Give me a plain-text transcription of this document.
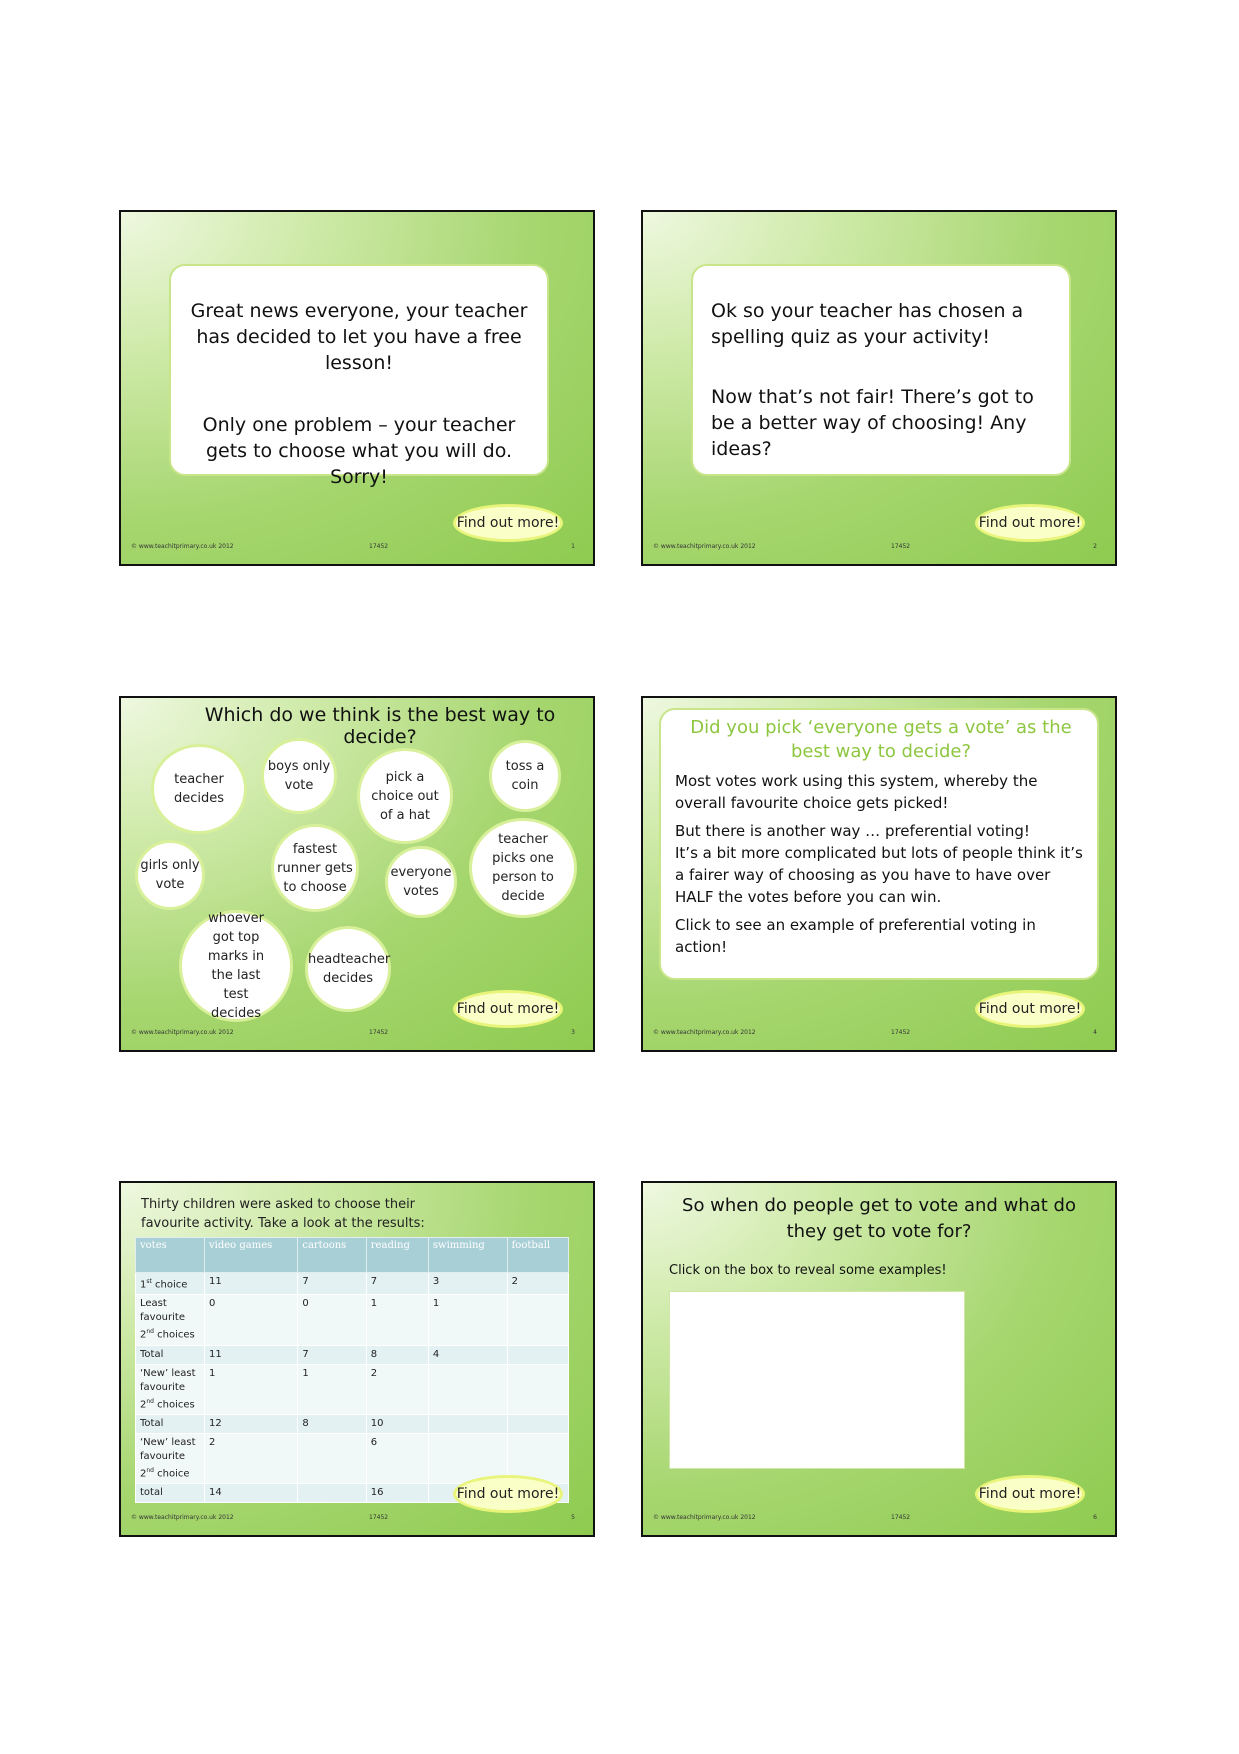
Great news everyone, your teacher has decided to let you have a free lesson!

Only one problem – your teacher gets to choose what you will do. Sorry!

Find out more!
© www.teachitprimary.co.uk 2012	17452	1

Ok so your teacher has chosen a spelling quiz as your activity!

Now that’s not fair! There’s got to be a better way of choosing! Any ideas?

Find out more!
© www.teachitprimary.co.uk 2012	17452	2
Which do we think is the best way to decide?
teacher decides
boys only vote
pick a choice out of a hat
toss a coin
girls only vote
fastest runner gets to choose
everyone votes
teacher picks one person to decide
whoever got top marks in the last test decides
headteacher decides
Find out more!
© www.teachitprimary.co.uk 2012	17452	3

Did you pick ‘everyone gets a vote’ as the best way to decide?

Most votes work using this system, whereby the overall favourite choice gets picked!

But there is another way … preferential voting!

It’s a bit more complicated but lots of people think it’s a fairer way of choosing as you have to have over HALF the votes before you can win.

Click to see an example of preferential voting in action!

Find out more!
© www.teachitprimary.co.uk 2012	17452	4
Thirty children were asked to choose their favourite activity. Take a look at the results:
votes	video games	cartoons	reading	swimming	football
1st choice	11	7	7	3	2
Least favourite 2nd choices	0	0	1	1	
Total	11	7	8	4	
‘New’ least favourite 2nd choices	1	1	2		
Total	12	8	10		
‘New’ least favourite 2nd choice	2		6		
total	14		16			Find out more!
© www.teachitprimary.co.uk 2012	17452	5
So when do people get to vote and what do they get to vote for?
Click on the box to reveal some examples!
Find out more!
© www.teachitprimary.co.uk 2012	17452	6
